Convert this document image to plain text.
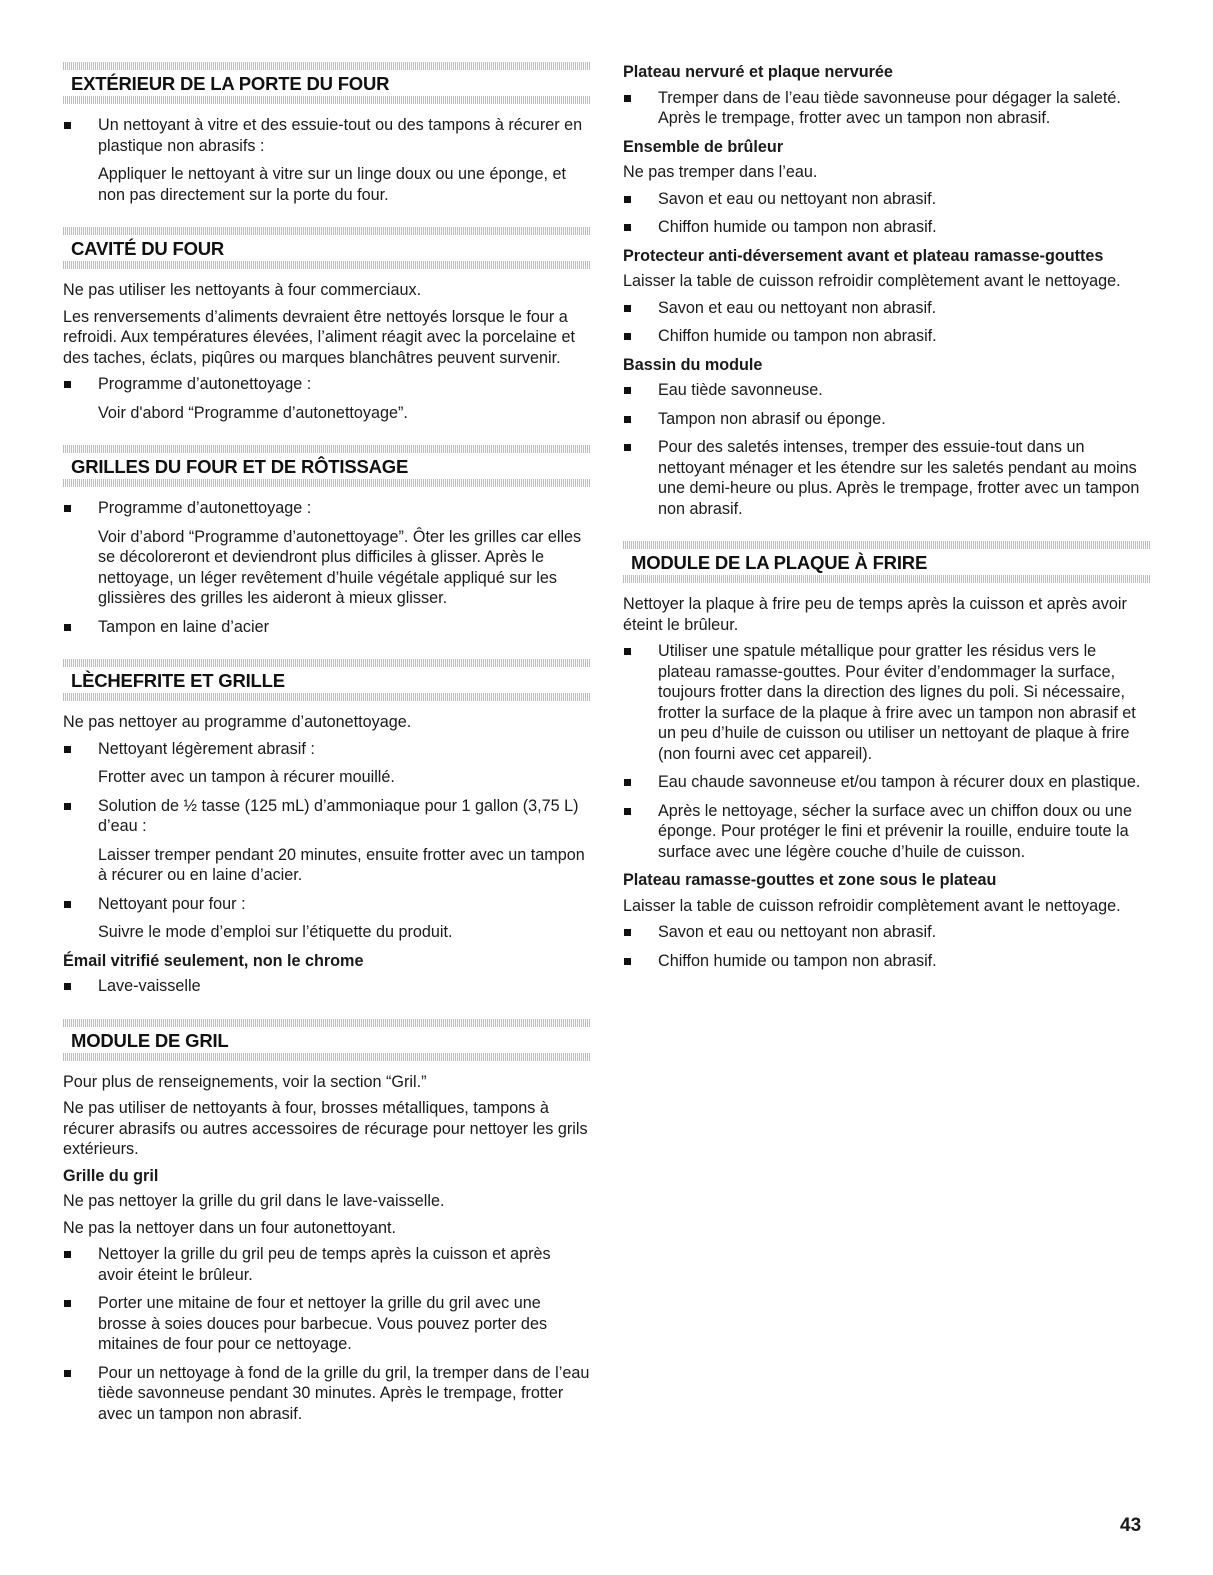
EXTÉRIEUR DE LA PORTE DU FOUR
Un nettoyant à vitre et des essuie-tout ou des tampons à récurer en plastique non abrasifs :

Appliquer le nettoyant à vitre sur un linge doux ou une éponge, et non pas directement sur la porte du four.

CAVITÉ DU FOUR

Ne pas utiliser les nettoyants à four commerciaux.

Les renversements d’aliments devraient être nettoyés lorsque le four a refroidi. Aux températures élevées, l’aliment réagit avec la porcelaine et des taches, éclats, piqûres ou marques blanchâtres peuvent survenir.

Programme d’autonettoyage :

Voir d'abord “Programme d’autonettoyage”.

GRILLES DU FOUR ET DE RÔTISSAGE
Programme d’autonettoyage :

Voir d’abord “Programme d’autonettoyage”. Ôter les grilles car elles se décoloreront et deviendront plus difficiles à glisser. Après le nettoyage, un léger revêtement d’huile végétale appliqué sur les glissières des grilles les aideront à mieux glisser.

Tampon en laine d’acier
LÈCHEFRITE ET GRILLE

Ne pas nettoyer au programme d’autonettoyage.

Nettoyant légèrement abrasif :

Frotter avec un tampon à récurer mouillé.

Solution de ½ tasse (125 mL) d’ammoniaque pour 1 gallon (3,75 L) d’eau :

Laisser tremper pendant 20 minutes, ensuite frotter avec un tampon à récurer ou en laine d’acier.

Nettoyant pour four :

Suivre le mode d’emploi sur l’étiquette du produit.

Émail vitrifié seulement, non le chrome

Lave-vaisselle
MODULE DE GRIL

Pour plus de renseignements, voir la section “Gril.”

Ne pas utiliser de nettoyants à four, brosses métalliques, tampons à récurer abrasifs ou autres accessoires de récurage pour nettoyer les grils extérieurs.

Grille du gril

Ne pas nettoyer la grille du gril dans le lave-vaisselle.

Ne pas la nettoyer dans un four autonettoyant.

Nettoyer la grille du gril peu de temps après la cuisson et après avoir éteint le brûleur.
Porter une mitaine de four et nettoyer la grille du gril avec une brosse à soies douces pour barbecue. Vous pouvez porter des mitaines de four pour ce nettoyage.
Pour un nettoyage à fond de la grille du gril, la tremper dans de l’eau tiède savonneuse pendant 30 minutes. Après le trempage, frotter avec un tampon non abrasif.

Plateau nervuré et plaque nervurée

Tremper dans de l’eau tiède savonneuse pour dégager la saleté. Après le trempage, frotter avec un tampon non abrasif.

Ensemble de brûleur

Ne pas tremper dans l’eau.

Savon et eau ou nettoyant non abrasif.
Chiffon humide ou tampon non abrasif.

Protecteur anti-déversement avant et plateau ramasse-gouttes

Laisser la table de cuisson refroidir complètement avant le nettoyage.

Savon et eau ou nettoyant non abrasif.
Chiffon humide ou tampon non abrasif.

Bassin du module

Eau tiède savonneuse.
Tampon non abrasif ou éponge.
Pour des saletés intenses, tremper des essuie-tout dans un nettoyant ménager et les étendre sur les saletés pendant au moins une demi-heure ou plus. Après le trempage, frotter avec un tampon non abrasif.
MODULE DE LA PLAQUE À FRIRE

Nettoyer la plaque à frire peu de temps après la cuisson et après avoir éteint le brûleur.

Utiliser une spatule métallique pour gratter les résidus vers le plateau ramasse-gouttes. Pour éviter d’endommager la surface, toujours frotter dans la direction des lignes du poli. Si nécessaire, frotter la surface de la plaque à frire avec un tampon non abrasif et un peu d’huile de cuisson ou utiliser un nettoyant de plaque à frire (non fourni avec cet appareil).
Eau chaude savonneuse et/ou tampon à récurer doux en plastique.
Après le nettoyage, sécher la surface avec un chiffon doux ou une éponge. Pour protéger le fini et prévenir la rouille, enduire toute la surface avec une légère couche d’huile de cuisson.

Plateau ramasse-gouttes et zone sous le plateau

Laisser la table de cuisson refroidir complètement avant le nettoyage.

Savon et eau ou nettoyant non abrasif.
Chiffon humide ou tampon non abrasif.
43
